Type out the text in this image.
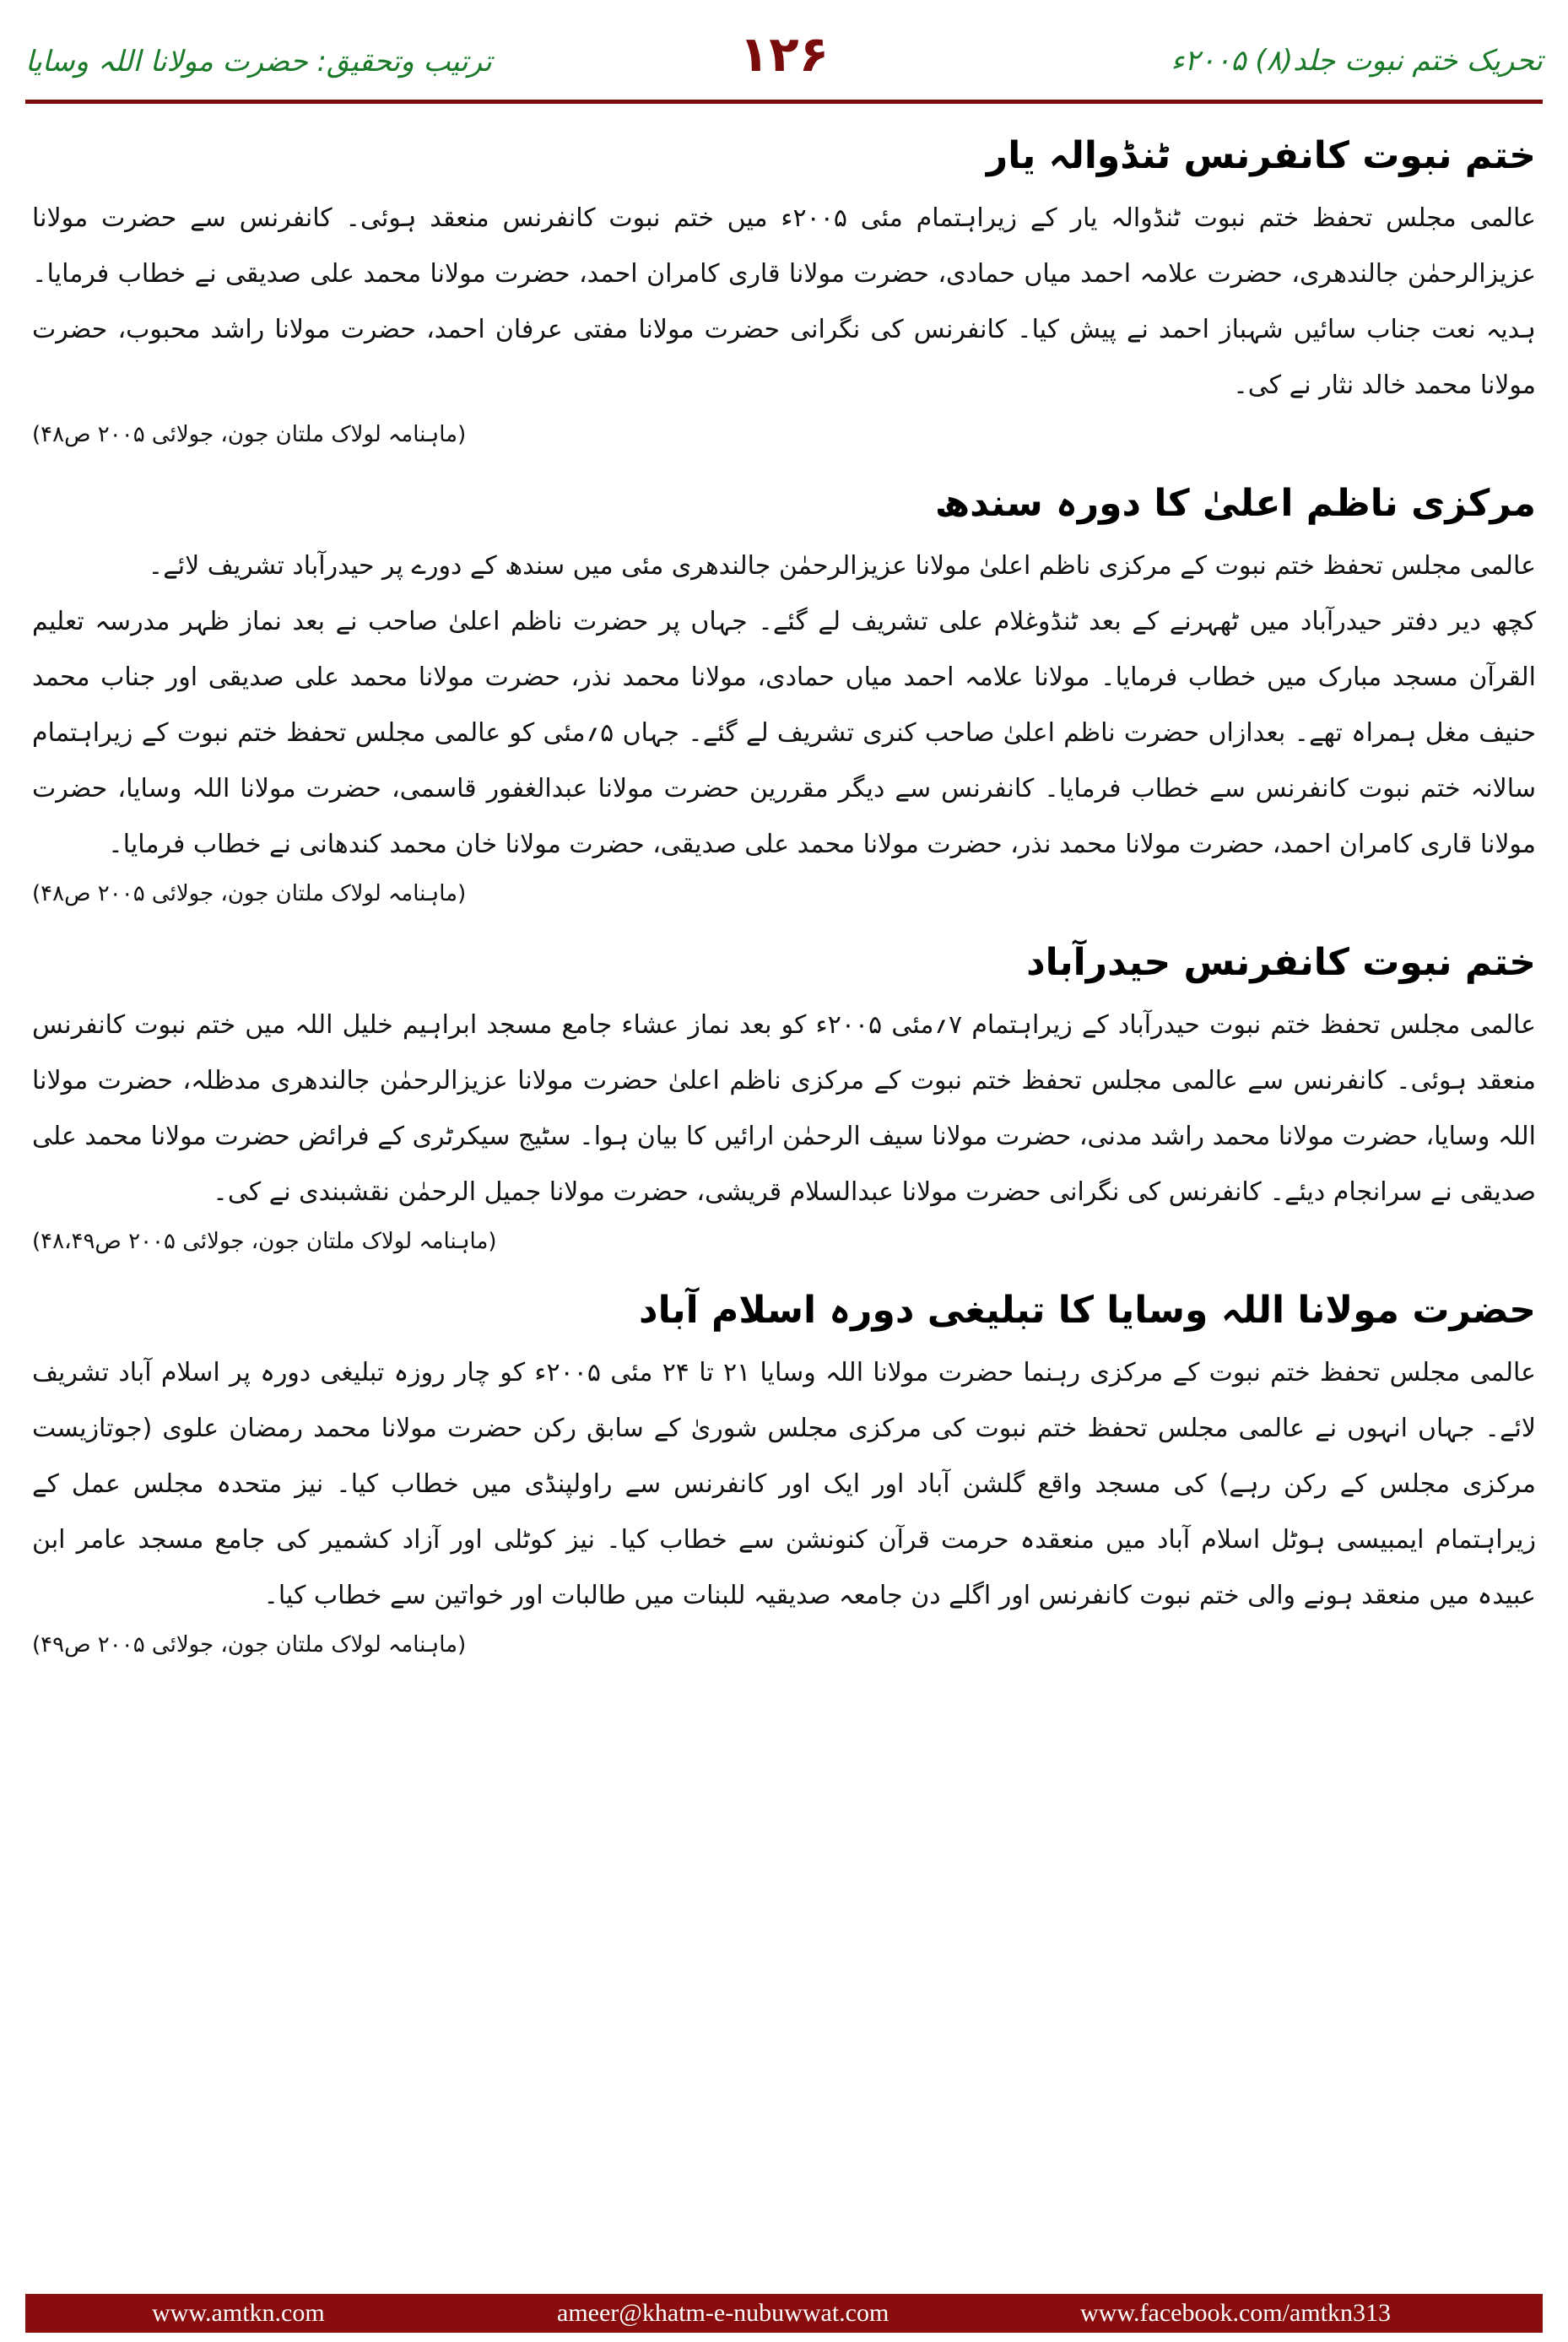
تحریک ختم نبوت جلد(۸) ۲۰۰۵ء
۱۲۶
ترتیب وتحقیق: حضرت مولانا اللہ وسایا
ختم نبوت کانفرنس ٹنڈوالہ یار

عالمی مجلس تحفظ ختم نبوت ٹنڈوالہ یار کے زیراہتمام مئی ۲۰۰۵ء میں ختم نبوت کانفرنس منعقد ہوئی۔ کانفرنس سے حضرت مولانا عزیزالرحمٰن جالندھری، حضرت علامہ احمد میاں حمادی، حضرت مولانا قاری کامران احمد، حضرت مولانا محمد علی صدیقی نے خطاب فرمایا۔ ہدیہ نعت جناب سائیں شہباز احمد نے پیش کیا۔ کانفرنس کی نگرانی حضرت مولانا مفتی عرفان احمد، حضرت مولانا راشد محبوب، حضرت مولانا محمد خالد نثار نے کی۔

(ماہنامہ لولاک ملتان جون، جولائی ۲۰۰۵ ص۴۸)

مرکزی ناظم اعلیٰ کا دورہ سندھ

عالمی مجلس تحفظ ختم نبوت کے مرکزی ناظم اعلیٰ مولانا عزیزالرحمٰن جالندھری مئی میں سندھ کے دورے پر حیدرآباد تشریف لائے۔

کچھ دیر دفتر حیدرآباد میں ٹھہرنے کے بعد ٹنڈوغلام علی تشریف لے گئے۔ جہاں پر حضرت ناظم اعلیٰ صاحب نے بعد نماز ظہر مدرسہ تعلیم القرآن مسجد مبارک میں خطاب فرمایا۔ مولانا علامہ احمد میاں حمادی، مولانا محمد نذر، حضرت مولانا محمد علی صدیقی اور جناب محمد حنیف مغل ہمراہ تھے۔ بعدازاں حضرت ناظم اعلیٰ صاحب کنری تشریف لے گئے۔ جہاں ۵؍مئی کو عالمی مجلس تحفظ ختم نبوت کے زیراہتمام سالانہ ختم نبوت کانفرنس سے خطاب فرمایا۔ کانفرنس سے دیگر مقررین حضرت مولانا عبدالغفور قاسمی، حضرت مولانا اللہ وسایا، حضرت مولانا قاری کامران احمد، حضرت مولانا محمد نذر، حضرت مولانا محمد علی صدیقی، حضرت مولانا خان محمد کندھانی نے خطاب فرمایا۔

(ماہنامہ لولاک ملتان جون، جولائی ۲۰۰۵ ص۴۸)

ختم نبوت کانفرنس حیدرآباد

عالمی مجلس تحفظ ختم نبوت حیدرآباد کے زیراہتمام ۷؍مئی ۲۰۰۵ء کو بعد نماز عشاء جامع مسجد ابراہیم خلیل اللہ میں ختم نبوت کانفرنس منعقد ہوئی۔ کانفرنس سے عالمی مجلس تحفظ ختم نبوت کے مرکزی ناظم اعلیٰ حضرت مولانا عزیزالرحمٰن جالندھری مدظلہ، حضرت مولانا اللہ وسایا، حضرت مولانا محمد راشد مدنی، حضرت مولانا سیف الرحمٰن ارائیں کا بیان ہوا۔ سٹیج سیکرٹری کے فرائض حضرت مولانا محمد علی صدیقی نے سرانجام دیئے۔ کانفرنس کی نگرانی حضرت مولانا عبدالسلام قریشی، حضرت مولانا جمیل الرحمٰن نقشبندی نے کی۔

(ماہنامہ لولاک ملتان جون، جولائی ۲۰۰۵ ص۴۸،۴۹)

حضرت مولانا اللہ وسایا کا تبلیغی دورہ اسلام آباد

عالمی مجلس تحفظ ختم نبوت کے مرکزی رہنما حضرت مولانا اللہ وسایا ۲۱ تا ۲۴ مئی ۲۰۰۵ء کو چار روزہ تبلیغی دورہ پر اسلام آباد تشریف لائے۔ جہاں انہوں نے عالمی مجلس تحفظ ختم نبوت کی مرکزی مجلس شوریٰ کے سابق رکن حضرت مولانا محمد رمضان علوی (جوتازیست مرکزی مجلس کے رکن رہے) کی مسجد واقع گلشن آباد اور ایک اور کانفرنس سے راولپنڈی میں خطاب کیا۔ نیز متحدہ مجلس عمل کے زیراہتمام ایمبیسی ہوٹل اسلام آباد میں منعقدہ حرمت قرآن کنونشن سے خطاب کیا۔ نیز کوٹلی اور آزاد کشمیر کی جامع مسجد عامر ابن عبیدہ میں منعقد ہونے والی ختم نبوت کانفرنس اور اگلے دن جامعہ صدیقیہ للبنات میں طالبات اور خواتین سے خطاب کیا۔

(ماہنامہ لولاک ملتان جون، جولائی ۲۰۰۵ ص۴۹)

www.amtkn.com	ameer@khatm-e-nubuwwat.com	www.facebook.com/amtkn313
